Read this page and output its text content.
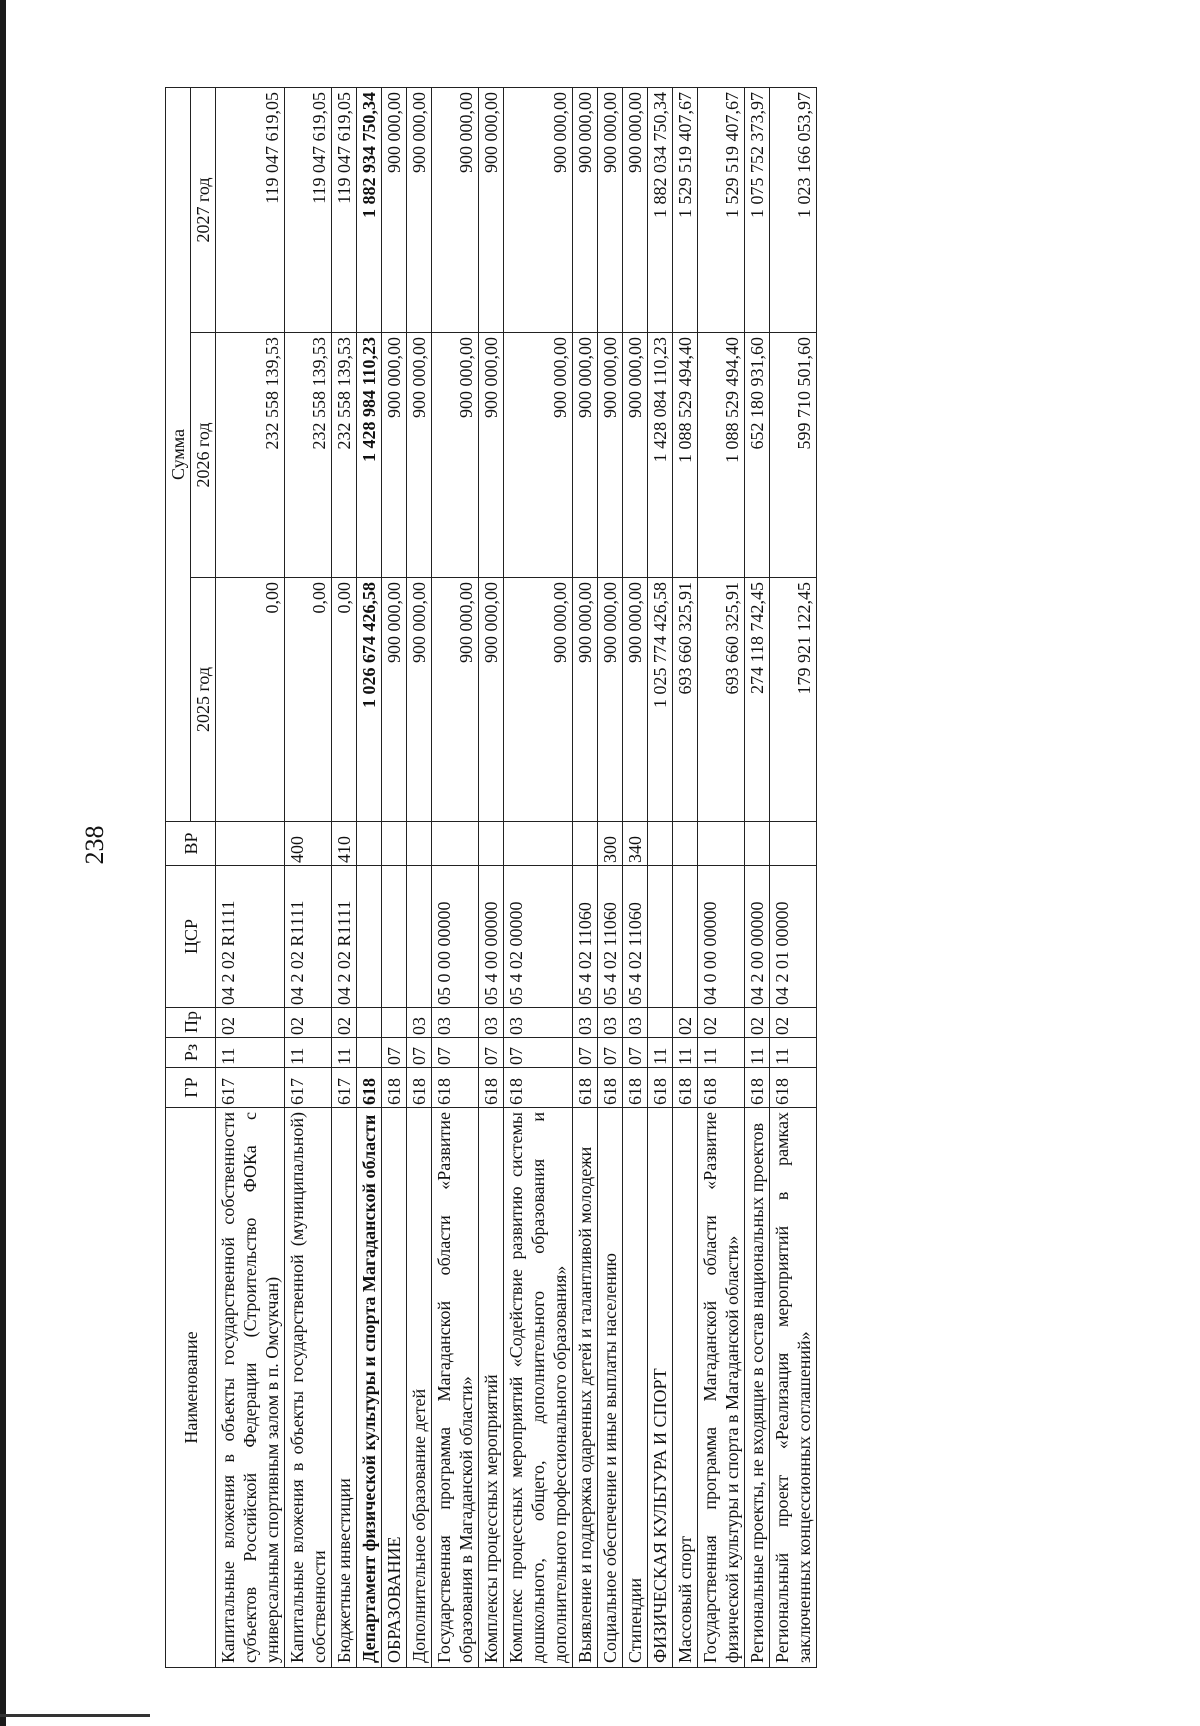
238
Наименование	ГР	Рз	Пр	ЦСР	ВР	Сумма		
						2025 год	2026 год	2027 год
Капитальные вложения в объекты государственной собственности субъектов Российской Федерации (Строительство ФОКа с универсальным спортивным залом в п. Омсукчан)	617	11	02	04 2 02 R1111		0,00	232 558 139,53	119 047 619,05
Капитальные вложения в объекты государственной (муниципальной) собственности	617	11	02	04 2 02 R1111	400	0,00	232 558 139,53	119 047 619,05
Бюджетные инвестиции	617	11	02	04 2 02 R1111	410	0,00	232 558 139,53	119 047 619,05
Департамент физической культуры и спорта Магаданской области	618					1 026 674 426,58	1 428 984 110,23	1 882 934 750,34
ОБРАЗОВАНИЕ	618	07				900 000,00	900 000,00	900 000,00
Дополнительное образование детей	618	07	03			900 000,00	900 000,00	900 000,00
Государственная программа Магаданской области «Развитие образования в Магаданской области»	618	07	03	05 0 00 00000		900 000,00	900 000,00	900 000,00
Комплексы процессных мероприятий	618	07	03	05 4 00 00000		900 000,00	900 000,00	900 000,00
Комплекс процессных мероприятий «Содействие развитию системы дошкольного, общего, дополнительного образования и дополнительного профессионального образования»	618	07	03	05 4 02 00000		900 000,00	900 000,00	900 000,00
Выявление и поддержка одаренных детей и талантливой молодежи	618	07	03	05 4 02 11060		900 000,00	900 000,00	900 000,00
Социальное обеспечение и иные выплаты населению	618	07	03	05 4 02 11060	300	900 000,00	900 000,00	900 000,00
Стипендии	618	07	03	05 4 02 11060	340	900 000,00	900 000,00	900 000,00
ФИЗИЧЕСКАЯ КУЛЬТУРА И СПОРТ	618	11				1 025 774 426,58	1 428 084 110,23	1 882 034 750,34
Массовый спорт	618	11	02			693 660 325,91	1 088 529 494,40	1 529 519 407,67
Государственная программа Магаданской области «Развитие физической культуры и спорта в Магаданской области»	618	11	02	04 0 00 00000		693 660 325,91	1 088 529 494,40	1 529 519 407,67
Региональные проекты, не входящие в состав национальных проектов	618	11	02	04 2 00 00000		274 118 742,45	652 180 931,60	1 075 752 373,97
Региональный проект «Реализация мероприятий в рамках заключенных концессионных соглашений»	618	11	02	04 2 01 00000		179 921 122,45	599 710 501,60	1 023 166 053,97
